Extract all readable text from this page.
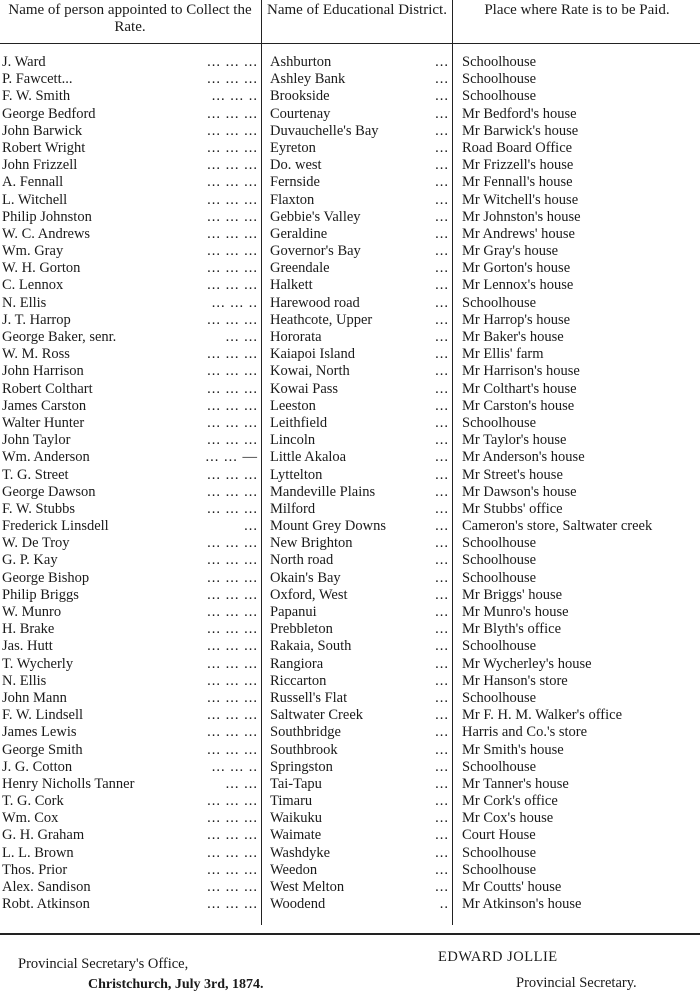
Name of person appointed to Collect the Rate.
Name of Educational District.	Place where Rate is to be Paid.
J. Ward	... ... ... Ashburton	... Schoolhouse
P. Fawcett...	... ... ... Ashley Bank	... Schoolhouse
F. W. Smith	... ... .. Brookside	... Schoolhouse
George Bedford	... ... ... Courtenay	... Mr Bedford's house
John Barwick	... ... ... Duvauchelle's Bay	... Mr Barwick's house
Robert Wright	... ... ... Eyreton	... Road Board Office
John Frizzell	... ... ... Do. west	... Mr Frizzell's house
A. Fennall	... ... ... Fernside	... Mr Fennall's house
L. Witchell	... ... ... Flaxton	... Mr Witchell's house
Philip Johnston	... ... ... Gebbie's Valley	... Mr Johnston's house
W. C. Andrews	... ... ... Geraldine	... Mr Andrews' house
Wm. Gray	... ... ... Governor's Bay	... Mr Gray's house
W. H. Gorton	... ... ... Greendale	... Mr Gorton's house
C. Lennox	... ... ... Halkett	... Mr Lennox's house
N. Ellis	... ... .. Harewood road	... Schoolhouse
J. T. Harrop	... ... ... Heathcote, Upper	... Mr Harrop's house
George Baker, senr.	... ... Hororata	... Mr Baker's house
W. M. Ross	... ... ... Kaiapoi Island	... Mr Ellis' farm
John Harrison	... ... ... Kowai, North	... Mr Harrison's house
Robert Colthart	... ... ... Kowai Pass	... Mr Colthart's house
James Carston	... ... ... Leeston	... Mr Carston's house
Walter Hunter	... ... ... Leithfield	... Schoolhouse
John Taylor	... ... ... Lincoln	... Mr Taylor's house
Wm. Anderson	... ... — Little Akaloa	... Mr Anderson's house
T. G. Street	... ... ... Lyttelton	... Mr Street's house
George Dawson	... ... ... Mandeville Plains	... Mr Dawson's house
F. W. Stubbs	... ... ... Milford	... Mr Stubbs' office
Frederick Linsdell	... Mount Grey Downs	... Cameron's store, Saltwater creek
W. De Troy	... ... ... New Brighton	... Schoolhouse
G. P. Kay	... ... ... North road	... Schoolhouse
George Bishop	... ... ... Okain's Bay	... Schoolhouse
Philip Briggs	... ... ... Oxford, West	... Mr Briggs' house
W. Munro	... ... ... Papanui	... Mr Munro's house
H. Brake	... ... ... Prebbleton	... Mr Blyth's office
Jas. Hutt	... ... ... Rakaia, South	... Schoolhouse
T. Wycherly	... ... ... Rangiora	... Mr Wycherley's house
N. Ellis	... ... ... Riccarton	... Mr Hanson's store
John Mann	... ... ... Russell's Flat	... Schoolhouse
F. W. Lindsell	... ... ... Saltwater Creek	... Mr F. H. M. Walker's office
James Lewis	... ... ... Southbridge	... Harris and Co.'s store
George Smith	... ... ... Southbrook	... Mr Smith's house
J. G. Cotton	... ... .. Springston	... Schoolhouse
Henry Nicholls Tanner	... ... Tai-Tapu	... Mr Tanner's house
T. G. Cork	... ... ... Timaru	... Mr Cork's office
Wm. Cox	... ... ... Waikuku	... Mr Cox's house
G. H. Graham	... ... ... Waimate	... Court House
L. L. Brown	... ... ... Washdyke	... Schoolhouse
Thos. Prior	... ... ... Weedon	... Schoolhouse
Alex. Sandison	... ... ... West Melton	... Mr Coutts' house
Robt. Atkinson	... ... ... Woodend	.. Mr Atkinson's house
Provincial Secretary's Office,
Christchurch, July 3rd, 1874.
EDWARD JOLLIE
Provincial Secretary.
